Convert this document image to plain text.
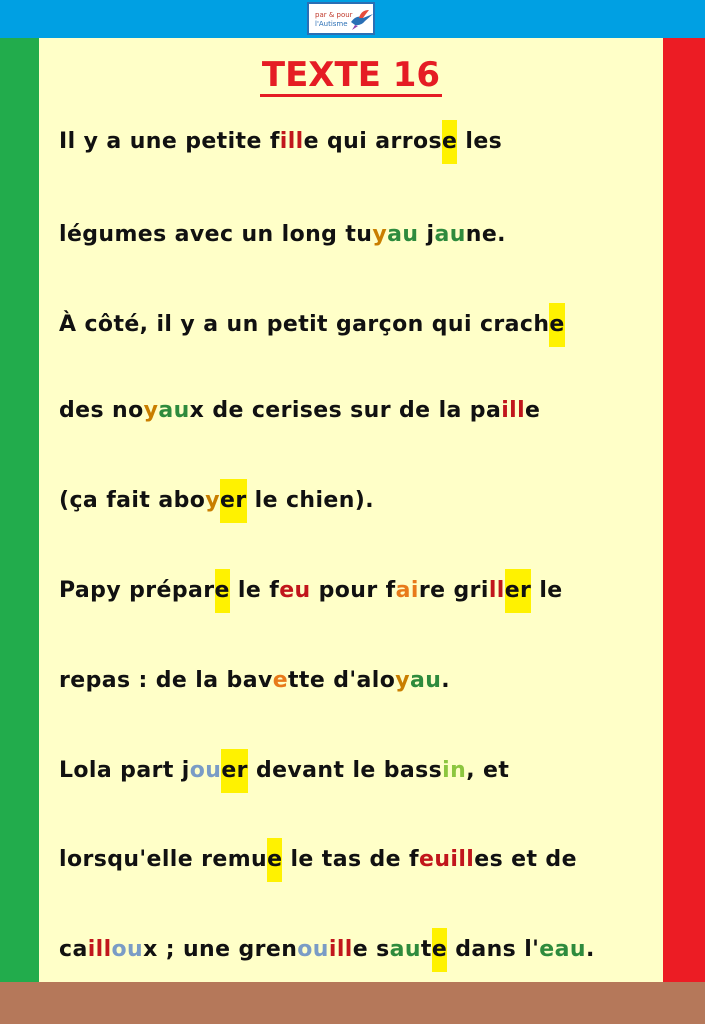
par & pour
l'Autisme
TEXTE 16
Il y a une petite fille qui arrose les
légumes avec un long tuyau jaune.
À côté, il y a un petit garçon qui crache
des noyaux de cerises sur de la paille
(ça fait aboyer le chien).
Papy prépare le feu pour faire griller le
repas : de la bavette d'aloyau.
Lola part jouer devant le bassin, et
lorsqu'elle remue le tas de feuilles et de
cailloux ; une grenouille saute dans l'eau.
